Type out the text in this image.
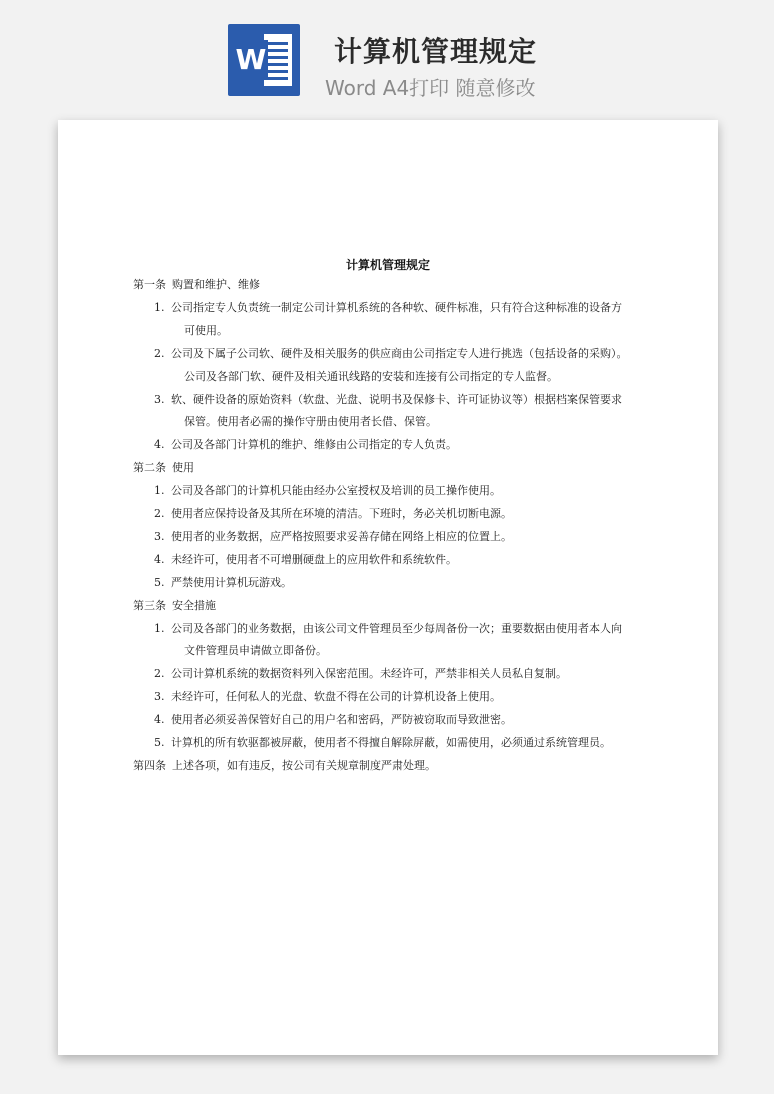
W 计算机管理规定
Word A4打印 随意修改
计算机管理规定
第一条 购置和维护、维修
1. 公司指定专人负责统一制定公司计算机系统的各种软、硬件标准，只有符合这种标准的设备方
可使用。
2. 公司及下属子公司软、硬件及相关服务的供应商由公司指定专人进行挑选（包括设备的采购）。
公司及各部门软、硬件及相关通讯线路的安装和连接有公司指定的专人监督。
3. 软、硬件设备的原始资料（软盘、光盘、说明书及保修卡、许可证协议等）根据档案保管要求
保管。使用者必需的操作守册由使用者长借、保管。
4. 公司及各部门计算机的维护、维修由公司指定的专人负责。
第二条 使用
1. 公司及各部门的计算机只能由经办公室授权及培训的员工操作使用。
2. 使用者应保持设备及其所在环境的清洁。下班时，务必关机切断电源。
3. 使用者的业务数据，应严格按照要求妥善存储在网络上相应的位置上。
4. 未经许可，使用者不可增删硬盘上的应用软件和系统软件。
5. 严禁使用计算机玩游戏。
第三条 安全措施
1. 公司及各部门的业务数据，由该公司文件管理员至少每周备份一次；重要数据由使用者本人向
文件管理员申请做立即备份。
2. 公司计算机系统的数据资料列入保密范围。未经许可，严禁非相关人员私自复制。
3. 未经许可，任何私人的光盘、软盘不得在公司的计算机设备上使用。
4. 使用者必须妥善保管好自己的用户名和密码，严防被窃取而导致泄密。
5. 计算机的所有软驱都被屏蔽，使用者不得擅自解除屏蔽，如需使用，必须通过系统管理员。
第四条 上述各项，如有违反，按公司有关规章制度严肃处理。
